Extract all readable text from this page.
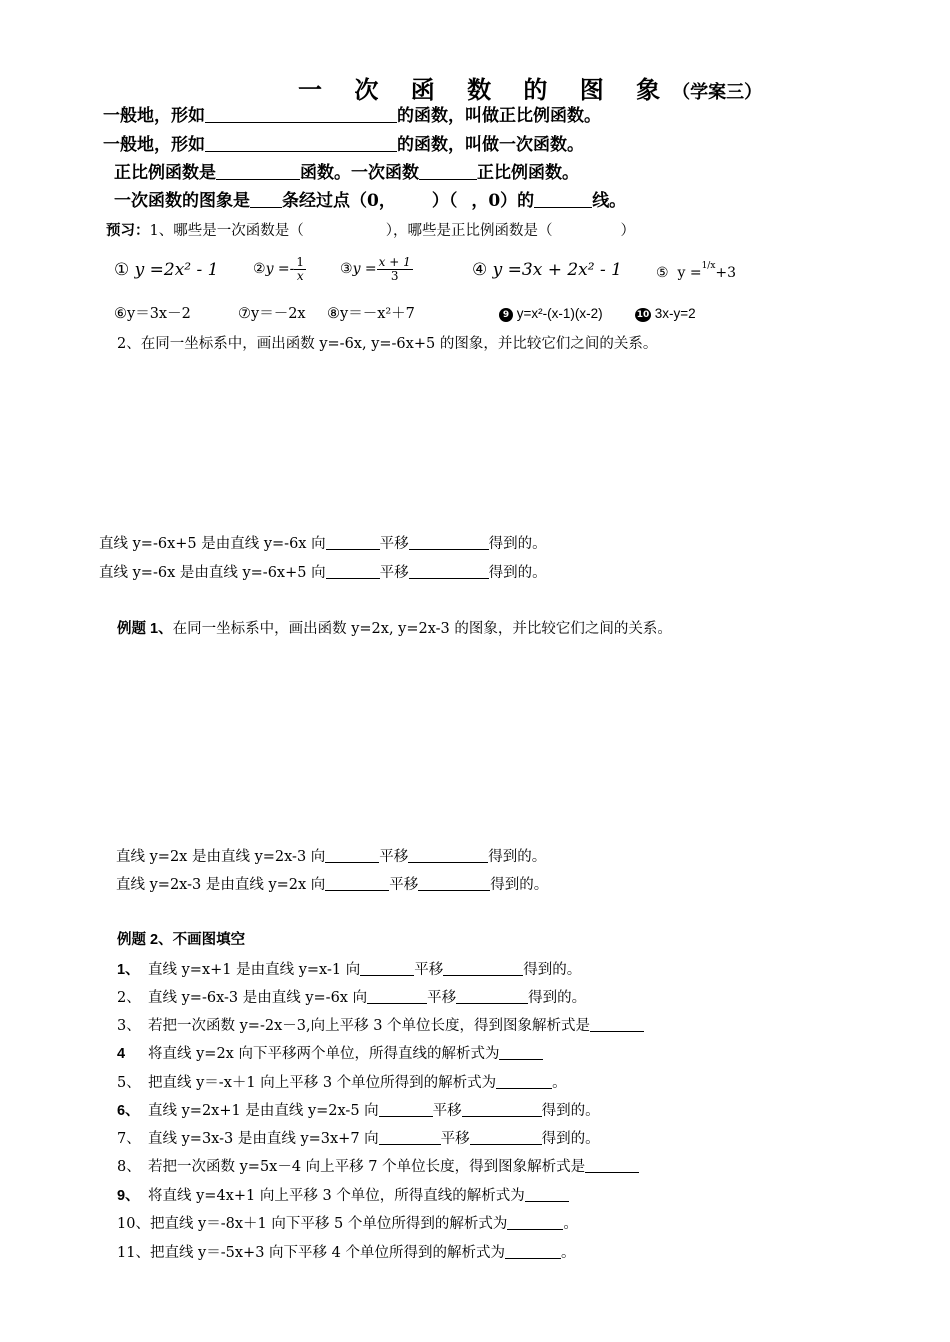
一 次 函 数 的 图 象（学案三）
一般地，形如	的函数，叫做正比例函数。
一般地，形如	的函数，叫做一次函数。
正比例函数是	函数。一次函数	正比例函数。
一次函数的图象是 条经过点（0， ）（ ，0）的	线。
预习：1、哪些是一次函数是（	），哪些是正比例函数是（	）
① y =2x² - 1 ②y =- $\frac{1}{x}$ ③y = $\frac{x + 1}{3}$	④ y =3x + 2x² - 1 ⑤ y =$^{1/x}$+3
⑥y＝3x－2	⑦y＝－2x ⑧y＝－x²＋7	9 y=x²-(x-1)(x-2)	10 3x-y=2
2、在同一坐标系中，画出函数 y=-6x, y=-6x+5 的图象，并比较它们之间的关系。
直线 y=-6x+5 是由直线 y=-6x 向	平移	得到的。
直线 y=-6x 是由直线 y=-6x+5 向	平移	得到的。
例题 1、在同一坐标系中，画出函数 y=2x, y=2x-3 的图象，并比较它们之间的关系。
直线 y=2x 是由直线 y=2x-3 向	平移	得到的。
直线 y=2x-3 是由直线 y=2x 向	平移	得到的。
例题 2、不画图填空
1、 直线 y=x+1 是由直线 y=x-1 向	平移	得到的。
2、 直线 y=-6x-3 是由直线 y=-6x 向	平移	得到的。
3、 若把一次函数 y=-2x－3,向上平移 3 个单位长度，得到图象解析式是
4 将直线 y=2x 向下平移两个单位，所得直线的解析式为
5、 把直线 y＝-x＋1 向上平移 3 个单位所得到的解析式为	。
6、 直线 y=2x+1 是由直线 y=2x-5 向	平移	得到的。
7、 直线 y=3x-3 是由直线 y=3x+7 向	平移	得到的。
8、 若把一次函数 y=5x－4 向上平移 7 个单位长度，得到图象解析式是
9、 将直线 y=4x+1 向上平移 3 个单位，所得直线的解析式为
10、把直线 y＝-8x＋1 向下平移 5 个单位所得到的解析式为	。
11、把直线 y＝-5x+3 向下平移 4 个单位所得到的解析式为	。
